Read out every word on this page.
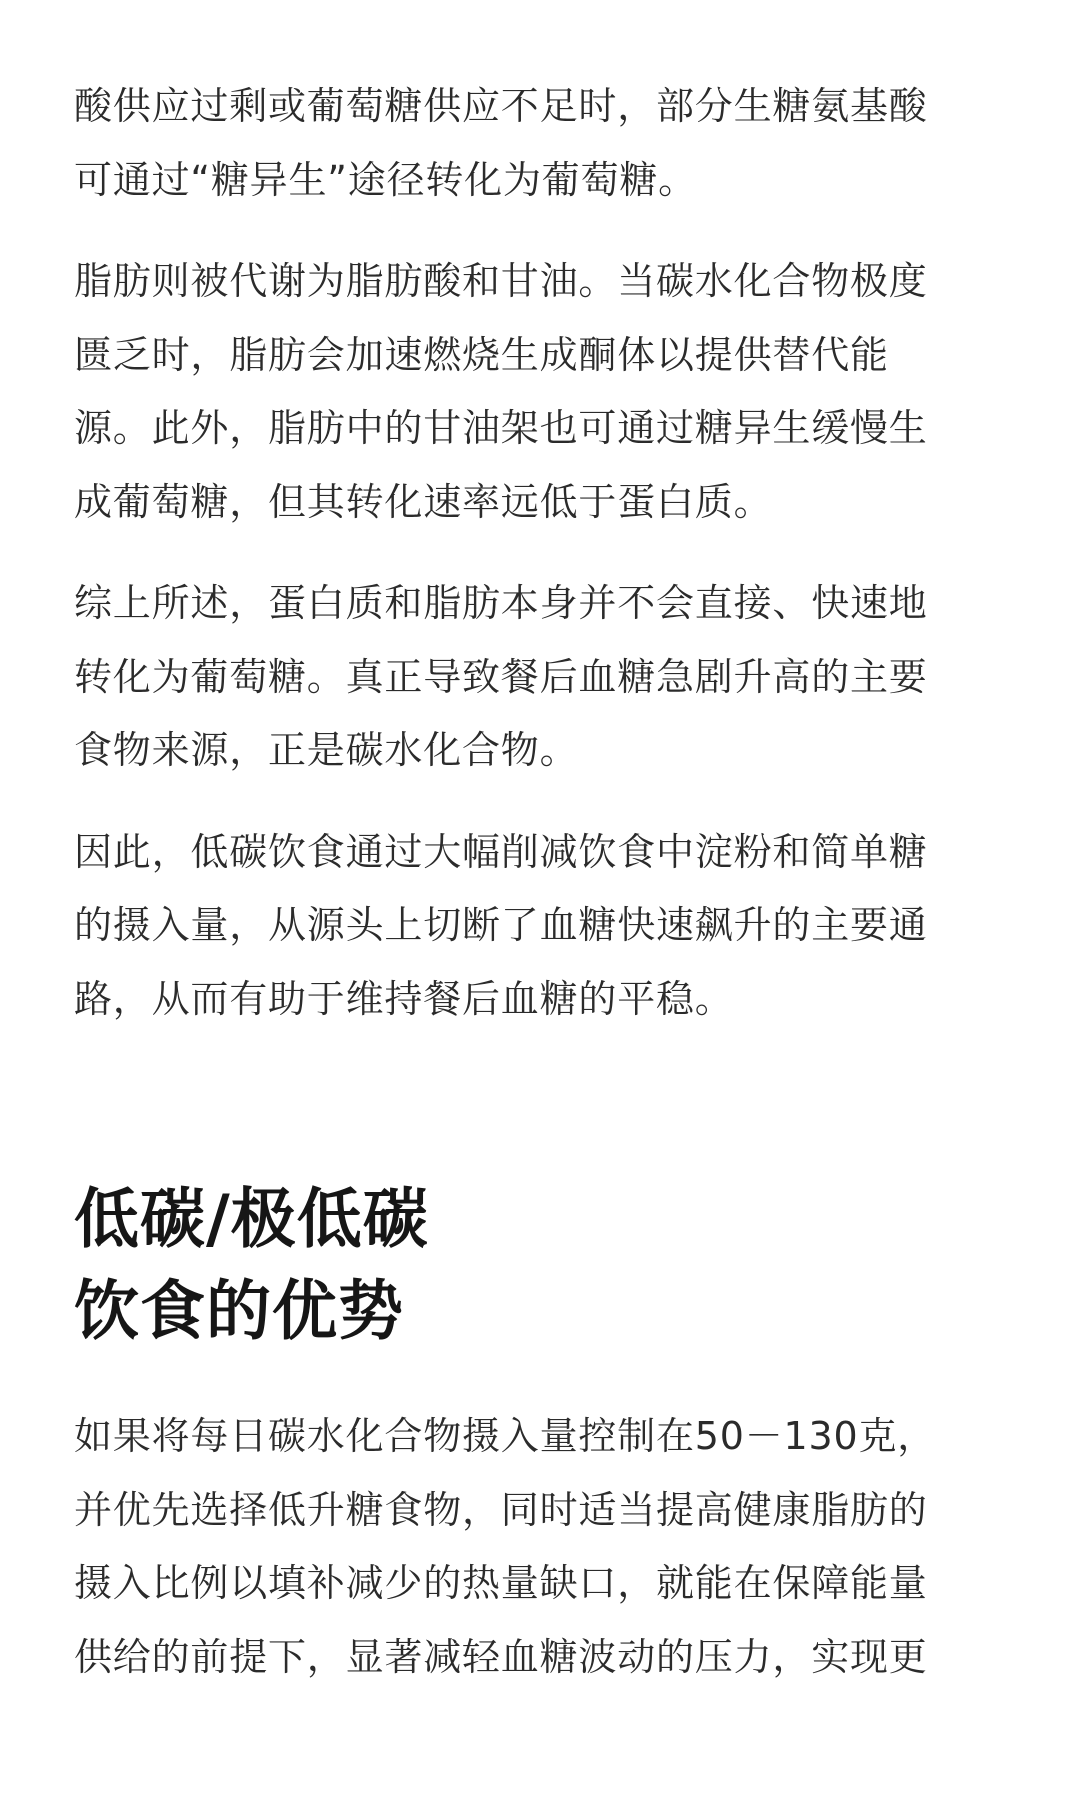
酸供应过剩或葡萄糖供应不足时，部分生糖氨基酸
可通过“糖异生”途径转化为葡萄糖。

脂肪则被代谢为脂肪酸和甘油。当碳水化合物极度
匮乏时，脂肪会加速燃烧生成酮体以提供替代能
源。此外，脂肪中的甘油架也可通过糖异生缓慢生
成葡萄糖，但其转化速率远低于蛋白质。

综上所述，蛋白质和脂肪本身并不会直接、快速地
转化为葡萄糖。真正导致餐后血糖急剧升高的主要
食物来源，正是碳水化合物。

因此，低碳饮食通过大幅削减饮食中淀粉和简单糖
的摄入量，从源头上切断了血糖快速飙升的主要通
路，从而有助于维持餐后血糖的平稳。

低碳/极低碳
饮食的优势

如果将每日碳水化合物摄入量控制在50－130克，
并优先选择低升糖食物，同时适当提高健康脂肪的
摄入比例以填补减少的热量缺口，就能在保障能量
供给的前提下，显著减轻血糖波动的压力，实现更
